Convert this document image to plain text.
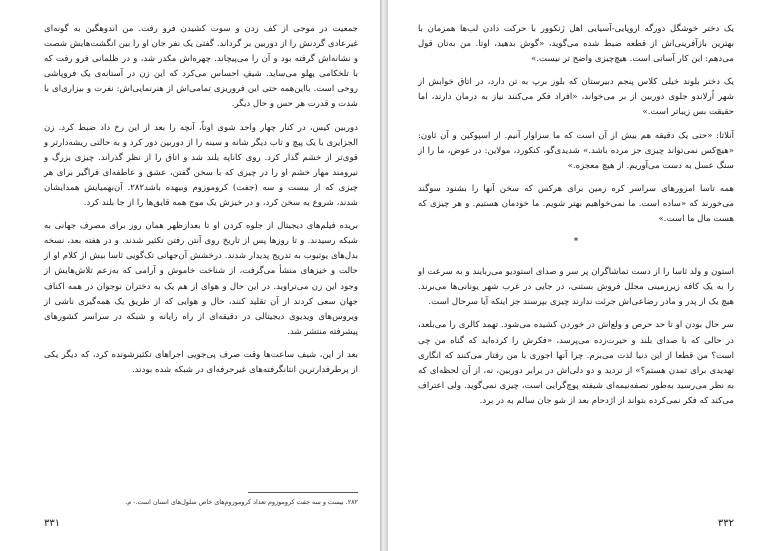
جمعیت در موجی از کف زدن و سوت کشیدن فرو رفت. من اندوهگین به گونه‌ای غیرعادی گردنش را از دوربین بر گرداند. گفتی یک نفر جان او را بین انگشت‌هایش شصت و نشانه‌اش گرفته بود و آن را می‌پیچاند. چهره‌اش مکدر شد، و در ظلمانی فرو رفت که با تلخکامی پهلو می‌ساید. شیفِ احساس می‌کرد که این زن در آستانه‌ی یک فروپاشی روحی است. بااین‌همه حتی این فروریزی تمامی‌اش از هنرنمایی‌اش: نفرت و بیزاری‌ای با شدت و قدرت هر حس و حال دیگر.

دوربین کیس، در کنار چهار واحد شوی اوتاٌ، آنچه را بعد از این رخ داد ضبط کرد. زن الجزایری با یک پیچ و تاب دیگر شانه و سینه را از دوربین دور کرد و به حالتی ریشه‌دارتر و قوی‌تر از خشم گذار کرد. روی کاناپه بلند شد و اتاق را از نظر گذراند. چیزی بزرگ و نیرومند مهار خشم او را در چیزی که با سخن گفتن، عشق و عاطفه‌ای فراگیر برای هر چیزی که از بیست و سه (جفت) کروموزوم وبیهده باشد۲۸۲. آن‌بهمیایش همدایشان شدند، شروع به سخن کرد، و در خیزش یک موج همه قایق‌ها را از جا بلند کرد.

بریده فیلم‌های دیجیتال از جلوه کردن او تا بعدازظهر همان روز برای مصرف جهانی به شبکه رسیدند. و تا روزها پس از تاریخ روی آنتن رفتن تکثیر شدند. و در هفته بعد، نسخه بدل‌های یوتیوب به تدریج پدیدار شدند. درخشش آن‌جهانی تک‌گویی ثاسا بیش از کلام او از حالت و خیزهای منشأ می‌گرفت، از شناخت خاموش و آرامی که به‌زعم تلاش‌هایش از وجود این زن می‌تراوید. در این حال و هوای از هم یک به دختران نوجوان در همه اکناف جهان سعی کردند از آن تقلید کنند، حال و هوایی که از طریق یک همه‌گیری ناشی از ویروس‌های ویدیوی دیجیتالی در دقیقه‌ای از راه رایانه و شبکه در سراسر کشورهای پیشرفته منتشر شد.

بعد از این، شیف ساعت‌ها وقت صرف پی‌جویی اجراهای تکثیرشونده کرد، که دیگر یکی از پرطرفدارترین انتانگرفته‌های غیرحرفه‌ای در شبکه شده بودند.

۲۸۲. بیست و سه جفت کروموزوم تعداد کروموزوم‌های خاص سلول‌های انسان است.- م.
۳۳۱

یک دختر خوشگل دورگه اروپایی-آسیایی اهل ژنکوور با حرکت دادن لب‌ها همزمان با بهترین بازآفرینی‌اش از قطعه ضبط شده می‌گوید، «گوش بدهید، اوتا. من به‌تان قول می‌دهم: این کار آسانی است. هیچ‌چیزی واضح تر نیست.»

یک دختر بلوند خیلی کلاس پنجم دبیرستان که بلوز برپ به تن دارد، در اتاق خوابش از شهر اُرلاندو جلوی دوربین از بر می‌خواند، «افراد فکر می‌کنند نیاز به درمان دارند، اما حقیقت بس زیباتر است.»

آنلاتا: «حتی یک دقیقه هم بیش از آن است که ما سزاوار آنیم. از اسپوکین و آن ثاون: «هیچ‌کس نمی‌تواند چیزی جز مرده باشد.» شدیدی‌گو، کنکورد، مولاین: در عوض، ما را از سنگ عسل به دست می‌آوریم. از هیچ معجزه.»

همه تاسا امزورهای سراسر کره زمین برای هرکس که سخن آنها را بشنود سوگند می‌خورند که «ساده است. ما نمی‌خواهیم بهتر شویم. ما خودمان هستیم. و هر چیزی که هست مال ما است.»

*

استون و ولد ثاسا را از دست تماشاگران پر سر و صدای استودیو می‌ربایند و به سرعت او را به یک کافه زیرزمینی مجلل فروش بستنی، در جایی در غرب شهر یونانی‌ها می‌برند. هیچ یک از پدر و مادر رضاعی‌اش جرئت ندارند چیزی بپرسند جز اینکه آیا سرحال است.

سر حال بودن او تا حد حرص و ولع‌اش در خوردن کشیده می‌شود. تهمد کالری را می‌بلعد، در حالی که با صدای بلند و حیرت‌زده می‌پرسد، «فکرش را کرده‌اید که گناه من چی است؟ من قطعا از این دنیا لذت می‌برم. چرا آنها اجوری با من رفتار می‌کنند که انگاری تهدیدی برای تمدن هستم؟» از تردید و دو دلی‌اش در برابر دوربین، نه، از آن لحظه‌ای که به نظر می‌رسید به‌طور نصفه‌نیمه‌ای شیفته پوچ‌گرایی است، چیزی نمی‌گوید. ولی اعتراف می‌کند که فکر نمی‌کرده بتواند از اژدحام بعد از شو جان سالم به در برد.

۳۳۲
